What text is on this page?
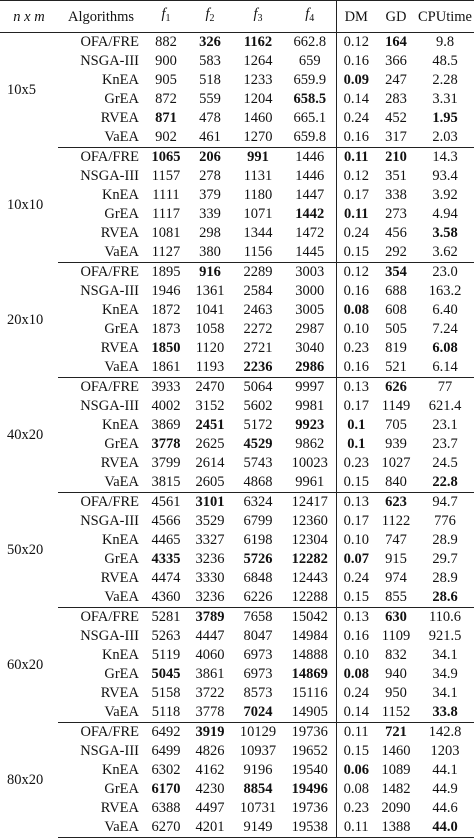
n x m	Algorithms	$f_1$	$f_2$	$f_3$	$f_4$	DM	GD	CPUtime
10x5	OFA/FRE	882	326	1162	662.8	0.12	164	9.8
	NSGA-III	900	583	1264	659	0.16	366	48.5
	KnEA	905	518	1233	659.9	0.09	247	2.28
	GrEA	872	559	1204	658.5	0.14	283	3.31
	RVEA	871	478	1460	665.1	0.24	452	1.95
	VaEA	902	461	1270	659.8	0.16	317	2.03
10x10	OFA/FRE	1065	206	991	1446	0.11	210	14.3
	NSGA-III	1157	278	1131	1446	0.12	351	93.4
	KnEA	1111	379	1180	1447	0.17	338	3.92
	GrEA	1117	339	1071	1442	0.11	273	4.94
	RVEA	1081	298	1344	1472	0.24	456	3.58
	VaEA	1127	380	1156	1445	0.15	292	3.62
20x10	OFA/FRE	1895	916	2289	3003	0.12	354	23.0
	NSGA-III	1946	1361	2584	3000	0.16	688	163.2
	KnEA	1872	1041	2463	3005	0.08	608	6.40
	GrEA	1873	1058	2272	2987	0.10	505	7.24
	RVEA	1850	1120	2721	3040	0.23	819	6.08
	VaEA	1861	1193	2236	2986	0.16	521	6.14
40x20	OFA/FRE	3933	2470	5064	9997	0.13	626	77
	NSGA-III	4002	3152	5602	9981	0.17	1149	621.4
	KnEA	3869	2451	5172	9923	0.1	705	23.1
	GrEA	3778	2625	4529	9862	0.1	939	23.7
	RVEA	3799	2614	5743	10023	0.23	1027	24.5
	VaEA	3815	2605	4868	9961	0.15	840	22.8
50x20	OFA/FRE	4561	3101	6324	12417	0.13	623	94.7
	NSGA-III	4566	3529	6799	12360	0.17	1122	776
	KnEA	4465	3327	6198	12304	0.10	747	28.9
	GrEA	4335	3236	5726	12282	0.07	915	29.7
	RVEA	4474	3330	6848	12443	0.24	974	28.9
	VaEA	4360	3236	6226	12288	0.15	855	28.6
60x20	OFA/FRE	5281	3789	7658	15042	0.13	630	110.6
	NSGA-III	5263	4447	8047	14984	0.16	1109	921.5
	KnEA	5119	4060	6973	14888	0.10	832	34.1
	GrEA	5045	3861	6973	14869	0.08	940	34.9
	RVEA	5158	3722	8573	15116	0.24	950	34.1
	VaEA	5118	3778	7024	14905	0.14	1152	33.8
80x20	OFA/FRE	6492	3919	10129	19736	0.11	721	142.8
	NSGA-III	6499	4826	10937	19652	0.15	1460	1203
	KnEA	6302	4162	9196	19540	0.06	1089	44.1
	GrEA	6170	4230	8854	19496	0.08	1482	44.9
	RVEA	6388	4497	10731	19736	0.23	2090	44.6
	VaEA	6270	4201	9149	19538	0.11	1388	44.0
